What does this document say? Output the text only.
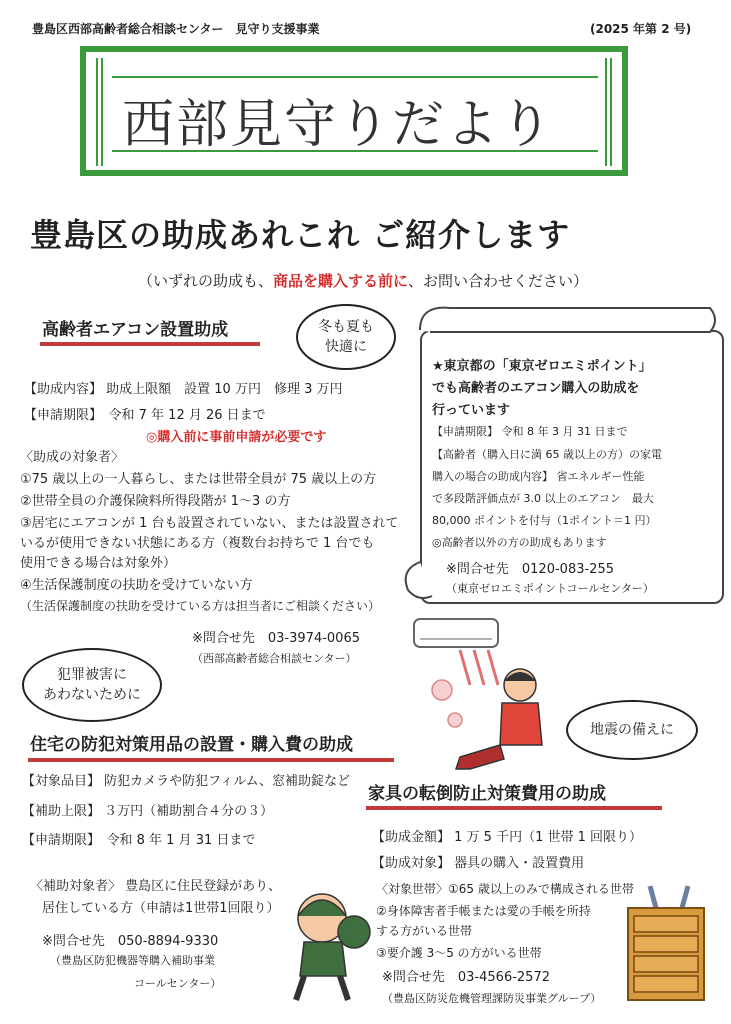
豊島区西部高齢者総合相談センター　見守り支援事業	(2025 年第 2 号)
西部見守りだより
豊島区の助成あれこれ ご紹介します
（いずれの助成も、商品を購入する前に、お問い合わせください）
高齢者エアコン設置助成	冬も夏も
快適に
【助成内容】 助成上限額　設置 10 万円　修理 3 万円
【申請期限】　令和 7 年 12 月 26 日まで
◎購入前に事前申請が必要です
〈助成の対象者〉
①75 歳以上の一人暮らし、または世帯全員が 75 歳以上の方
②世帯全員の介護保険料所得段階が 1～3 の方
③居宅にエアコンが 1 台も設置されていない、または設置されて
いるが使用できない状態にある方（複数台お持ちで 1 台でも
使用できる場合は対象外）
④生活保護制度の扶助を受けていない方
（生活保護制度の扶助を受けている方は担当者にご相談ください）
※問合せ先　03-3974-0065
（西部高齢者総合相談センター）
★東京都の「東京ゼロエミポイント」
でも高齢者のエアコン購入の助成を
行っています
【申請期限】 令和 8 年 3 月 31 日まで
【高齢者（購入日に満 65 歳以上の方）の家電
購入の場合の助成内容】 省エネルギー性能
で多段階評価点が 3.0 以上のエアコン　最大
80,000 ポイントを付与（1ポイント＝1 円）
◎高齢者以外の方の助成もあります
※問合せ先　0120-083-255
（東京ゼロエミポイントコールセンター）
犯罪被害に
あわないために
住宅の防犯対策用品の設置・購入費の助成
【対象品目】 防犯カメラや防犯フィルム、窓補助錠など
【補助上限】 ３万円（補助割合４分の３）
【申請期限】　令和 8 年 1 月 31 日まで
〈補助対象者〉 豊島区に住民登録があり、
居住している方（申請は1世帯1回限り）
※問合せ先　050-8894-9330
（豊島区防犯機器等購入補助事業
コールセンター）
地震の備えに
家具の転倒防止対策費用の助成
【助成金額】 1 万 5 千円（1 世帯 1 回限り）
【助成対象】 器具の購入・設置費用
〈対象世帯〉①65 歳以上のみで構成される世帯
②身体障害者手帳または愛の手帳を所持
する方がいる世帯
③要介護 3～5 の方がいる世帯
※問合せ先　03-4566-2572
（豊島区防災危機管理課防災事業グループ）
